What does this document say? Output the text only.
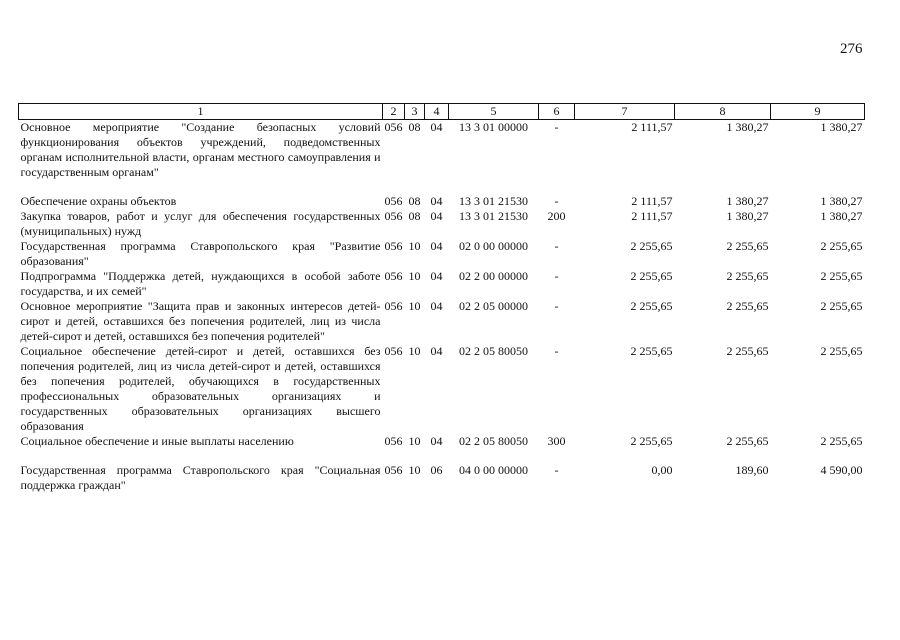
276
1	2	3	4	5	6	7	8	9
Основное мероприятие "Создание безопасных условий функционирования объектов учреждений, подведомственных органам исполнительной власти, органам местного самоуправления и государственным органам"	056	08	04	13 3 01 00000	-	2 111,57	1 380,27	1 380,27
Обеспечение охраны объектов	056	08	04	13 3 01 21530	-	2 111,57	1 380,27	1 380,27
Закупка товаров, работ и услуг для обеспечения государственных (муниципальных) нужд	056	08	04	13 3 01 21530	200	2 111,57	1 380,27	1 380,27
Государственная программа Ставропольского края "Развитие образования"	056	10	04	02 0 00 00000	-	2 255,65	2 255,65	2 255,65
Подпрограмма "Поддержка детей, нуждающихся в особой заботе государства, и их семей"	056	10	04	02 2 00 00000	-	2 255,65	2 255,65	2 255,65
Основное мероприятие "Защита прав и законных интересов детей-сирот и детей, оставшихся без попечения родителей, лиц из числа детей-сирот и детей, оставшихся без попечения родителей"	056	10	04	02 2 05 00000	-	2 255,65	2 255,65	2 255,65
Социальное обеспечение детей-сирот и детей, оставшихся без попечения родителей, лиц из числа детей-сирот и детей, оставшихся без попечения родителей, обучающихся в государственных профессиональных образовательных организациях и государственных образовательных организациях высшего образования	056	10	04	02 2 05 80050	-	2 255,65	2 255,65	2 255,65
Социальное обеспечение и иные выплаты населению	056	10	04	02 2 05 80050	300	2 255,65	2 255,65	2 255,65
Государственная программа Ставропольского края "Социальная поддержка граждан"	056	10	06	04 0 00 00000	-	0,00	189,60	4 590,00
